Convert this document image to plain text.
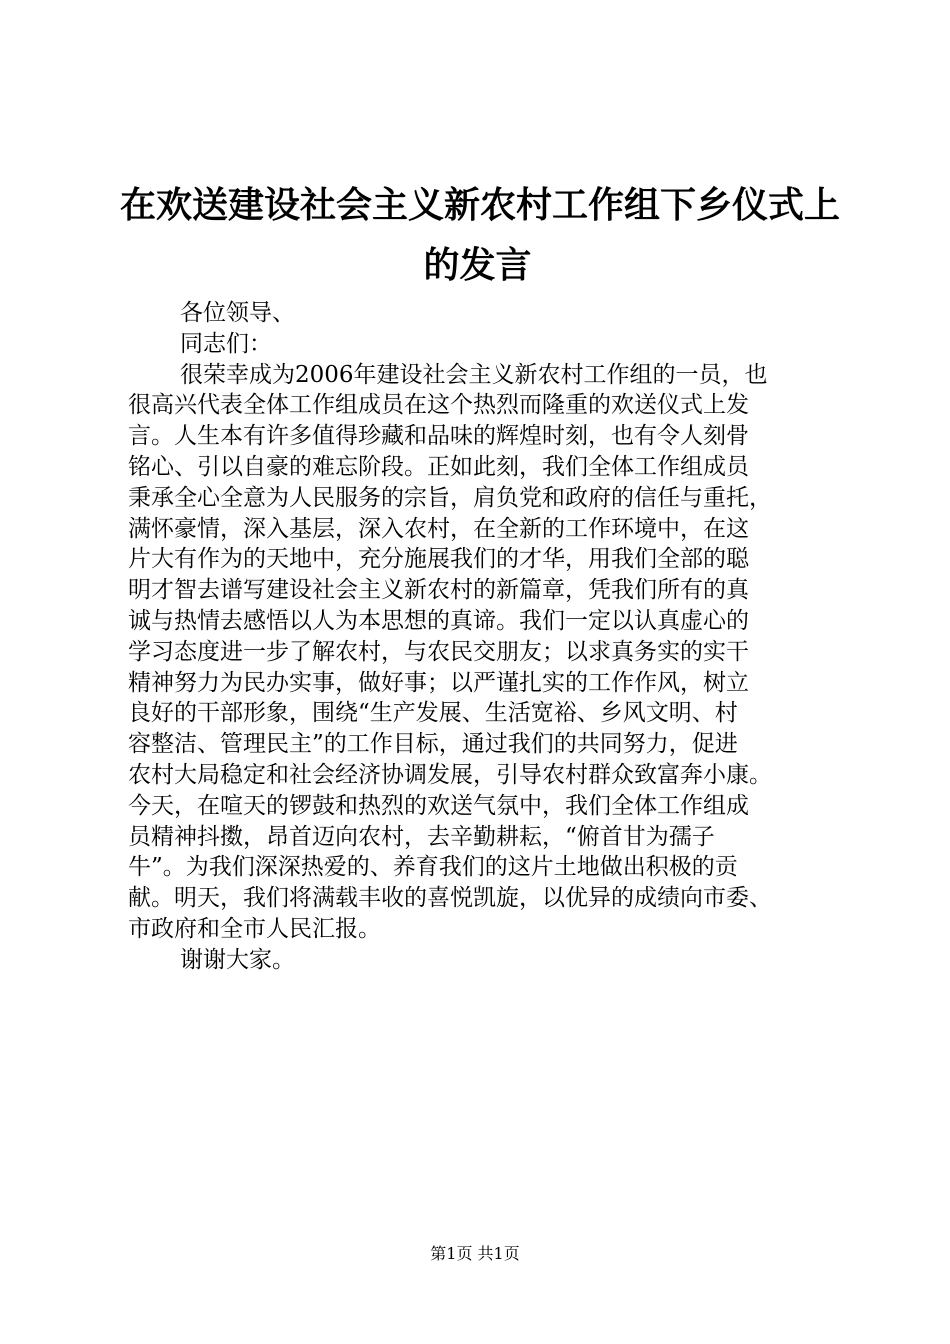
在欢送建设社会主义新农村工作组下乡仪式上
的发言
各位领导、
同志们：
很荣幸成为2006年建设社会主义新农村工作组的一员，也
很高兴代表全体工作组成员在这个热烈而隆重的欢送仪式上发
言。人生本有许多值得珍藏和品味的辉煌时刻，也有令人刻骨
铭心、引以自豪的难忘阶段。正如此刻，我们全体工作组成员
秉承全心全意为人民服务的宗旨，肩负党和政府的信任与重托，
满怀豪情，深入基层，深入农村，在全新的工作环境中，在这
片大有作为的天地中，充分施展我们的才华，用我们全部的聪
明才智去谱写建设社会主义新农村的新篇章，凭我们所有的真
诚与热情去感悟以人为本思想的真谛。我们一定以认真虚心的
学习态度进一步了解农村，与农民交朋友；以求真务实的实干
精神努力为民办实事，做好事；以严谨扎实的工作作风，树立
良好的干部形象，围绕“生产发展、生活宽裕、乡风文明、村
容整洁、管理民主”的工作目标，通过我们的共同努力，促进
农村大局稳定和社会经济协调发展，引导农村群众致富奔小康。
今天，在喧天的锣鼓和热烈的欢送气氛中，我们全体工作组成
员精神抖擞，昂首迈向农村，去辛勤耕耘，“俯首甘为孺子
牛”。为我们深深热爱的、养育我们的这片土地做出积极的贡
献。明天，我们将满载丰收的喜悦凯旋，以优异的成绩向市委、
市政府和全市人民汇报。
谢谢大家。
第1页 共1页
